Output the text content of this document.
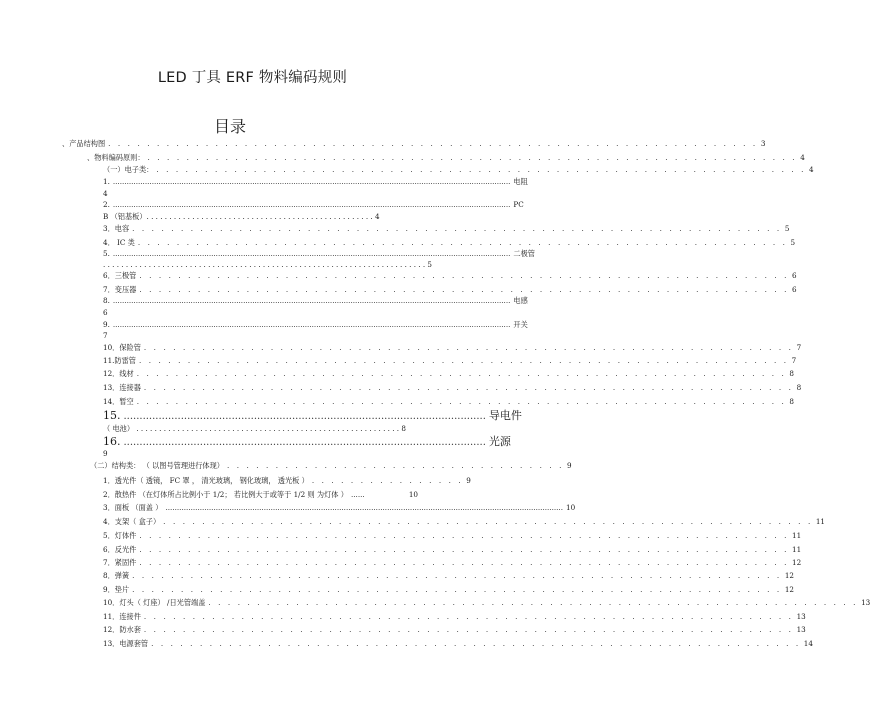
LED 丁具 ERF 物料编码规则
目录
、产品结构图 . . . . . . . . . . . . . . . . . . . . . . . . . . . . . . . . . . . . . . . . . . . . . . . . . . . . . . . . . . . . . . . . . . . 3
、物料编码原则： . . . . . . . . . . . . . . . . . . . . . . . . . . . . . . . . . . . . . . . . . . . . . . . . . . . . . . . . . . . . . . . . . . . 4
（一）电子类： . . . . . . . . . . . . . . . . . . . . . . . . . . . . . . . . . . . . . . . . . . . . . . . . . . . . . . . . . . . . . . . . . . . 4
1. .............................................................................................................................................................................. 电阻
4
2. .............................................................................................................................................................................. PC
B （铝基板）. . . . . . . . . . . . . . . . . . . . . . . . . . . . . . . . . . . . . . . . . . . . . . . . . . 4
3．电容 . . . . . . . . . . . . . . . . . . . . . . . . . . . . . . . . . . . . . . . . . . . . . . . . . . . . . . . . . . . . . . . . . . . 5
4． IC 类 . . . . . . . . . . . . . . . . . . . . . . . . . . . . . . . . . . . . . . . . . . . . . . . . . . . . . . . . . . . . . . . . . . . 5
5. .............................................................................................................................................................................. 二极管
. . . . . . . . . . . . . . . . . . . . . . . . . . . . . . . . . . . . . . . . . . . . . . . . . . . . . . . . . . . . . . . . . . . . . . . 5
6．三极管 . . . . . . . . . . . . . . . . . . . . . . . . . . . . . . . . . . . . . . . . . . . . . . . . . . . . . . . . . . . . . . . . . . . 6
7．变压器 . . . . . . . . . . . . . . . . . . . . . . . . . . . . . . . . . . . . . . . . . . . . . . . . . . . . . . . . . . . . . . . . . . . 6
8. .............................................................................................................................................................................. 电感
6
9. .............................................................................................................................................................................. 开关
7
10．保险管 . . . . . . . . . . . . . . . . . . . . . . . . . . . . . . . . . . . . . . . . . . . . . . . . . . . . . . . . . . . . . . . . . . . 7
11.防雷管 . . . . . . . . . . . . . . . . . . . . . . . . . . . . . . . . . . . . . . . . . . . . . . . . . . . . . . . . . . . . . . . . . . . 7
12．线材 . . . . . . . . . . . . . . . . . . . . . . . . . . . . . . . . . . . . . . . . . . . . . . . . . . . . . . . . . . . . . . . . . . . 8
13．连接器 . . . . . . . . . . . . . . . . . . . . . . . . . . . . . . . . . . . . . . . . . . . . . . . . . . . . . . . . . . . . . . . . . . . 8
14．暂空 . . . . . . . . . . . . . . . . . . . . . . . . . . . . . . . . . . . . . . . . . . . . . . . . . . . . . . . . . . . . . . . . . . . 8
15. .................................................................................................................. 导电件
（ 电池） . . . . . . . . . . . . . . . . . . . . . . . . . . . . . . . . . . . . . . . . . . . . . . . . . . . . . . . . . . 8
16. .................................................................................................................. 光源
9
（二）结构类： （ 以图号管理进行体现） . . . . . . . . . . . . . . . . . . . . . . . . . . . . . . . . . . . 9
1．透光件（ 透镜， FC 罩 ， 清光玻璃， 钢化玻璃， 透光板 ） . . . . . . . . . . . . . . . . 9
2．散热件 （在灯体所占比例小于 1/2； 若比例大于或等于 1/2 则 为灯体 ） ......	10
3．面板 （面盖 ） .............................................................................................................................................................................. 10
4．支架（ 盒子） . . . . . . . . . . . . . . . . . . . . . . . . . . . . . . . . . . . . . . . . . . . . . . . . . . . . . . . . . . . . . . . . . . . 11
5．灯体件 . . . . . . . . . . . . . . . . . . . . . . . . . . . . . . . . . . . . . . . . . . . . . . . . . . . . . . . . . . . . . . . . . . . 11
6．反光件 . . . . . . . . . . . . . . . . . . . . . . . . . . . . . . . . . . . . . . . . . . . . . . . . . . . . . . . . . . . . . . . . . . . 11
7．紧固件 . . . . . . . . . . . . . . . . . . . . . . . . . . . . . . . . . . . . . . . . . . . . . . . . . . . . . . . . . . . . . . . . . . . 12
8．弹簧 . . . . . . . . . . . . . . . . . . . . . . . . . . . . . . . . . . . . . . . . . . . . . . . . . . . . . . . . . . . . . . . . . . . 12
9．垫片 . . . . . . . . . . . . . . . . . . . . . . . . . . . . . . . . . . . . . . . . . . . . . . . . . . . . . . . . . . . . . . . . . . . 12
10．灯头（ 灯座） /日光管端盖 . . . . . . . . . . . . . . . . . . . . . . . . . . . . . . . . . . . . . . . . . . . . . . . . . . . . . . . . . . . . . . . . . . . 13
11．连接件 . . . . . . . . . . . . . . . . . . . . . . . . . . . . . . . . . . . . . . . . . . . . . . . . . . . . . . . . . . . . . . . . . . . 13
12．防水套 . . . . . . . . . . . . . . . . . . . . . . . . . . . . . . . . . . . . . . . . . . . . . . . . . . . . . . . . . . . . . . . . . . . 13
13．电源套管 . . . . . . . . . . . . . . . . . . . . . . . . . . . . . . . . . . . . . . . . . . . . . . . . . . . . . . . . . . . . . . . . . . . 14
